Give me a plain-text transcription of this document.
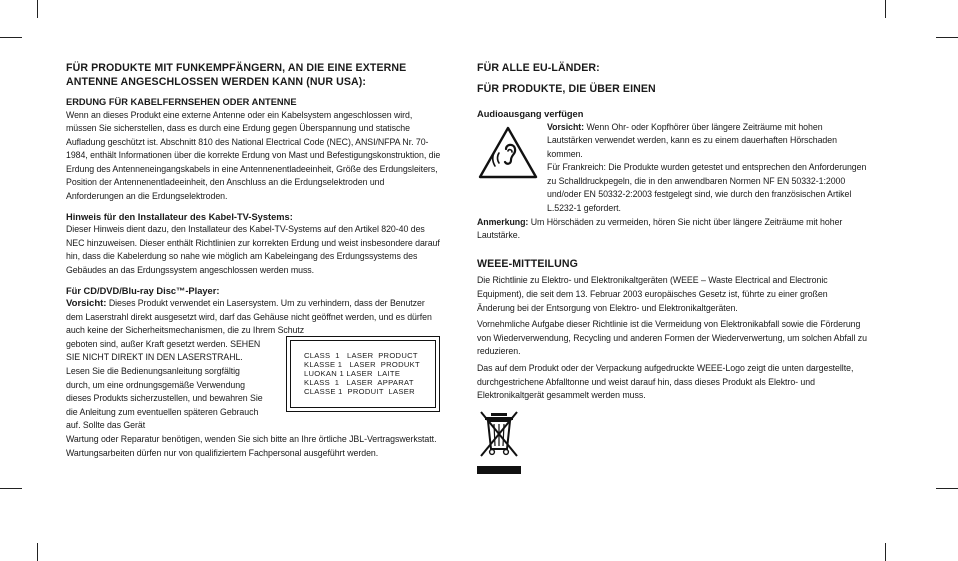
FÜR PRODUKTE MIT FUNKEMPFÄNGERN, AN DIE EINE EXTERNE ANTENNE ANGESCHLOSSEN WERDEN KANN (NUR USA):

ERDUNG FÜR KABELFERNSEHEN ODER ANTENNE

Wenn an dieses Produkt eine externe Antenne oder ein Kabelsystem angeschlossen wird, müssen Sie sicherstellen, dass es durch eine Erdung gegen Überspannung und statische Aufladung geschützt ist. Abschnitt 810 des National Electrical Code (NEC), ANSI/NFPA Nr. 70-1984, enthält Informationen über die korrekte Erdung von Mast und Befestigungskonstruktion, die Erdung des Antenneneingangskabels in eine Antennenentladeeinheit, Größe des Erdungsleiters, Position der Antennenentladeeinheit, den Anschluss an die Erdungselektroden und Anforderungen an die Erdungselektroden.

Hinweis für den Installateur des Kabel-TV-Systems:

Dieser Hinweis dient dazu, den Installateur des Kabel-TV-Systems auf den Artikel 820-40 des NEC hinzuweisen. Dieser enthält Richtlinien zur korrekten Erdung und weist insbesondere darauf hin, dass die Kabelerdung so nahe wie möglich am Kabeleingang des Erdungssystems des Gebäudes an das Erdungssystem angeschlossen werden muss.

Für CD/DVD/Blu-ray Disc™-Player:

Vorsicht: Dieses Produkt verwendet ein Lasersystem. Um zu verhindern, dass der Benutzer dem Laserstrahl direkt ausgesetzt wird, darf das Gehäuse nicht geöffnet werden, und es dürfen auch keine der Sicherheitsmechanismen, die zu Ihrem Schutz

geboten sind, außer Kraft gesetzt werden. SEHEN SIE NICHT DIREKT IN DEN LASERSTRAHL. Lesen Sie die Bedienungsanleitung sorgfältig durch, um eine ordnungsgemäße Verwendung dieses Produkts sicherzustellen, und bewahren Sie die Anleitung zum eventuellen späteren Gebrauch auf. Sollte das Gerät

CLASS  1   LASER  PRODUCT
KLASSE 1   LASER  PRODUKT
LUOKAN 1 LASER  LAITE
KLASS  1   LASER  APPARAT
CLASSE 1  PRODUIT  LASER

Wartung oder Reparatur benötigen, wenden Sie sich bitte an Ihre örtliche JBL-Vertragswerkstatt. Wartungsarbeiten dürfen nur von qualifiziertem Fachpersonal ausgeführt werden.

FÜR ALLE EU-LÄNDER:

FÜR PRODUKTE, DIE ÜBER EINEN

Audioausgang verfügen

Vorsicht: Wenn Ohr- oder Kopfhörer über längere Zeiträume mit hohen Lautstärken verwendet werden, kann es zu einem dauerhaften Hörschaden kommen.

Für Frankreich: Die Produkte wurden getestet und entsprechen den Anforderungen zu Schalldruckpegeln, die in den anwendbaren Normen NF EN 50332-1:2000 und/oder EN 50332-2:2003 festgelegt sind, wie durch den französischen Artikel L.5232-1 gefordert.

Anmerkung: Um Hörschäden zu vermeiden, hören Sie nicht über längere Zeiträume mit hoher Lautstärke.

WEEE-MITTEILUNG

Die Richtlinie zu Elektro- und Elektronikaltgeräten (WEEE – Waste Electrical and Electronic Equipment), die seit dem 13. Februar 2003 europäisches Gesetz ist, führte zu einer großen Änderung bei der Entsorgung von Elektro- und Elektronikaltgeräten.

Vornehmliche Aufgabe dieser Richtlinie ist die Vermeidung von Elektronikabfall sowie die Förderung von Wiederverwendung, Recycling und anderen Formen der Wiederverwertung, um solchen Abfall zu reduzieren.

Das auf dem Produkt oder der Verpackung aufgedruckte WEEE-Logo zeigt die unten dargestellte, durchgestrichene Abfalltonne und weist darauf hin, dass dieses Produkt als Elektro- und Elektronikaltgerät gesammelt werden muss.
